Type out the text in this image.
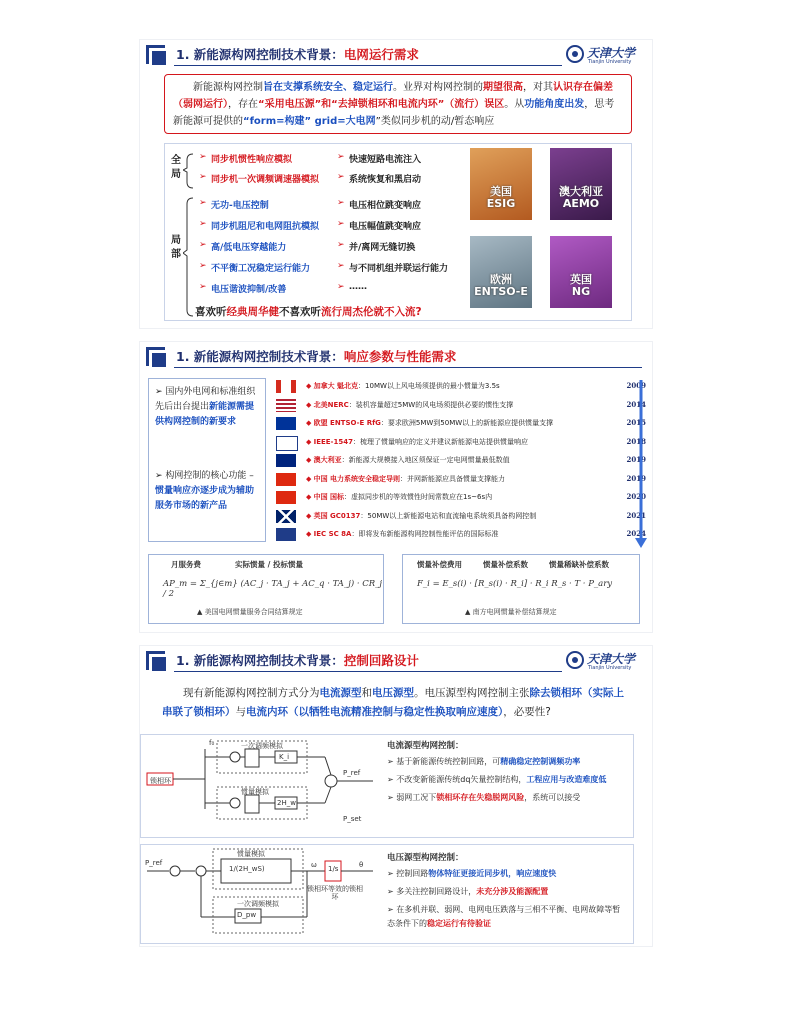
1. 新能源构网控制技术背景：电网运行需求	天津大学
Tianjin University
新能源构网控制旨在支撑系统安全、稳定运行。业界对构网控制的期望很高，对其认识存在偏差（弱网运行），存在“采用电压源”和“去掉锁相环和电流内环”（流行）误区。从功能角度出发，思考新能源可提供的“form=构建” grid=大电网”类似同步机的动/暂态响应
全局
局部
➢ 同步机惯性响应模拟	➢ 快速短路电流注入
➢ 同步机一次调频调速器模拟 ➢ 系统恢复和黑启动
➢ 无功-电压控制	➢ 电压相位跳变响应
➢ 同步机阻尼和电网阻抗模拟 ➢ 电压幅值跳变响应
➢ 高/低电压穿越能力	➢ 并/离网无缝切换
➢ 不平衡工况稳定运行能力	➢ 与不同机组并联运行能力
➢ 电压谐波抑制/改善	➢ ……
喜欢听经典周华健不喜欢听流行周杰伦就不入流?
美国
ESIG
澳大利亚
AEMO
欧洲
ENTSO-E
英国
NG
1. 新能源构网控制技术背景：响应参数与性能需求
➢ 国内外电网和标准组织先后出台提出新能源需提供构网控制的新要求
➢ 构网控制的核心功能 – 惯量响应亦逐步成为辅助服务市场的新产品
◆ 加拿大 魁北克：10MW以上风电场须提供的最小惯量为3.5s	2009
◆ 北美NERC：装机容量超过5MW的风电场须提供必要的惯性支撑	2014
◆ 欧盟 ENTSO-E RfG：要求欧洲5MW到50MW以上的新能源应提供惯量支撑	2015
◆ IEEE-1547：梳理了惯量响应的定义并建议新能源电站提供惯量响应	2018
◆ 澳大利亚：新能源大规模接入地区须保证一定电网惯量最低数值	2019
◆ 中国 电力系统安全稳定导则：并网新能源应具备惯量支撑能力	2019
◆ 中国 国标：虚拟同步机的等效惯性时间常数应在1s~6s内	2020
◆ 英国 GC0137：50MW以上新能源电站和直流输电系统须具备构网控制	2021
◆ IEC SC 8A：即将发布新能源构网控制性能评估的国际标准	2024
月服务费	实际惯量 / 投标惯量
AP_m = Σ_{j∈m} (AC_j · TA_j + AC_q · TA_j) · CR_j / 2
▲ 美国电网惯量服务合同结算规定
惯量补偿费用	惯量补偿系数	惯量稀缺补偿系数
F_i = E_s(i) · [R_s(i) · R_i] · R_i R_s · T · P_ary
▲ 南方电网惯量补偿结算规定
1. 新能源构网控制技术背景：控制回路设计	天津大学
Tianjin University
现有新能源构网控制方式分为电流源型和电压源型。电压源型构网控制主张除去锁相环（实际上串联了锁相环）与电流内环（以牺牲电流精准控制与稳定性换取响应速度），必要性?
锁相环
一次调频模拟
惯量模拟
f₀
K_i
2H_w
P_ref
P_set
电流源型构网控制：
➢ 基于新能源传统控制回路，可精确稳定控制调频功率
➢ 不改变新能源传统dq矢量控制结构，工程应用与改造难度低
➢ 弱网工况下锁相环存在失稳脱网风险，系统可以接受
惯量模拟
1/(2H_wS)
一次调频模拟
D_pw
1/s
锁相环等效的锁相环
P_ref	ω	θ
电压源型构网控制：
➢ 控制回路物体特征更接近同步机，响应速度快
➢ 多关注控制回路设计，未充分涉及能源配置
➢ 在多机并联、弱网、电网电压跌落与三相不平衡、电网故障等暂态条件下的稳定运行有待验证
